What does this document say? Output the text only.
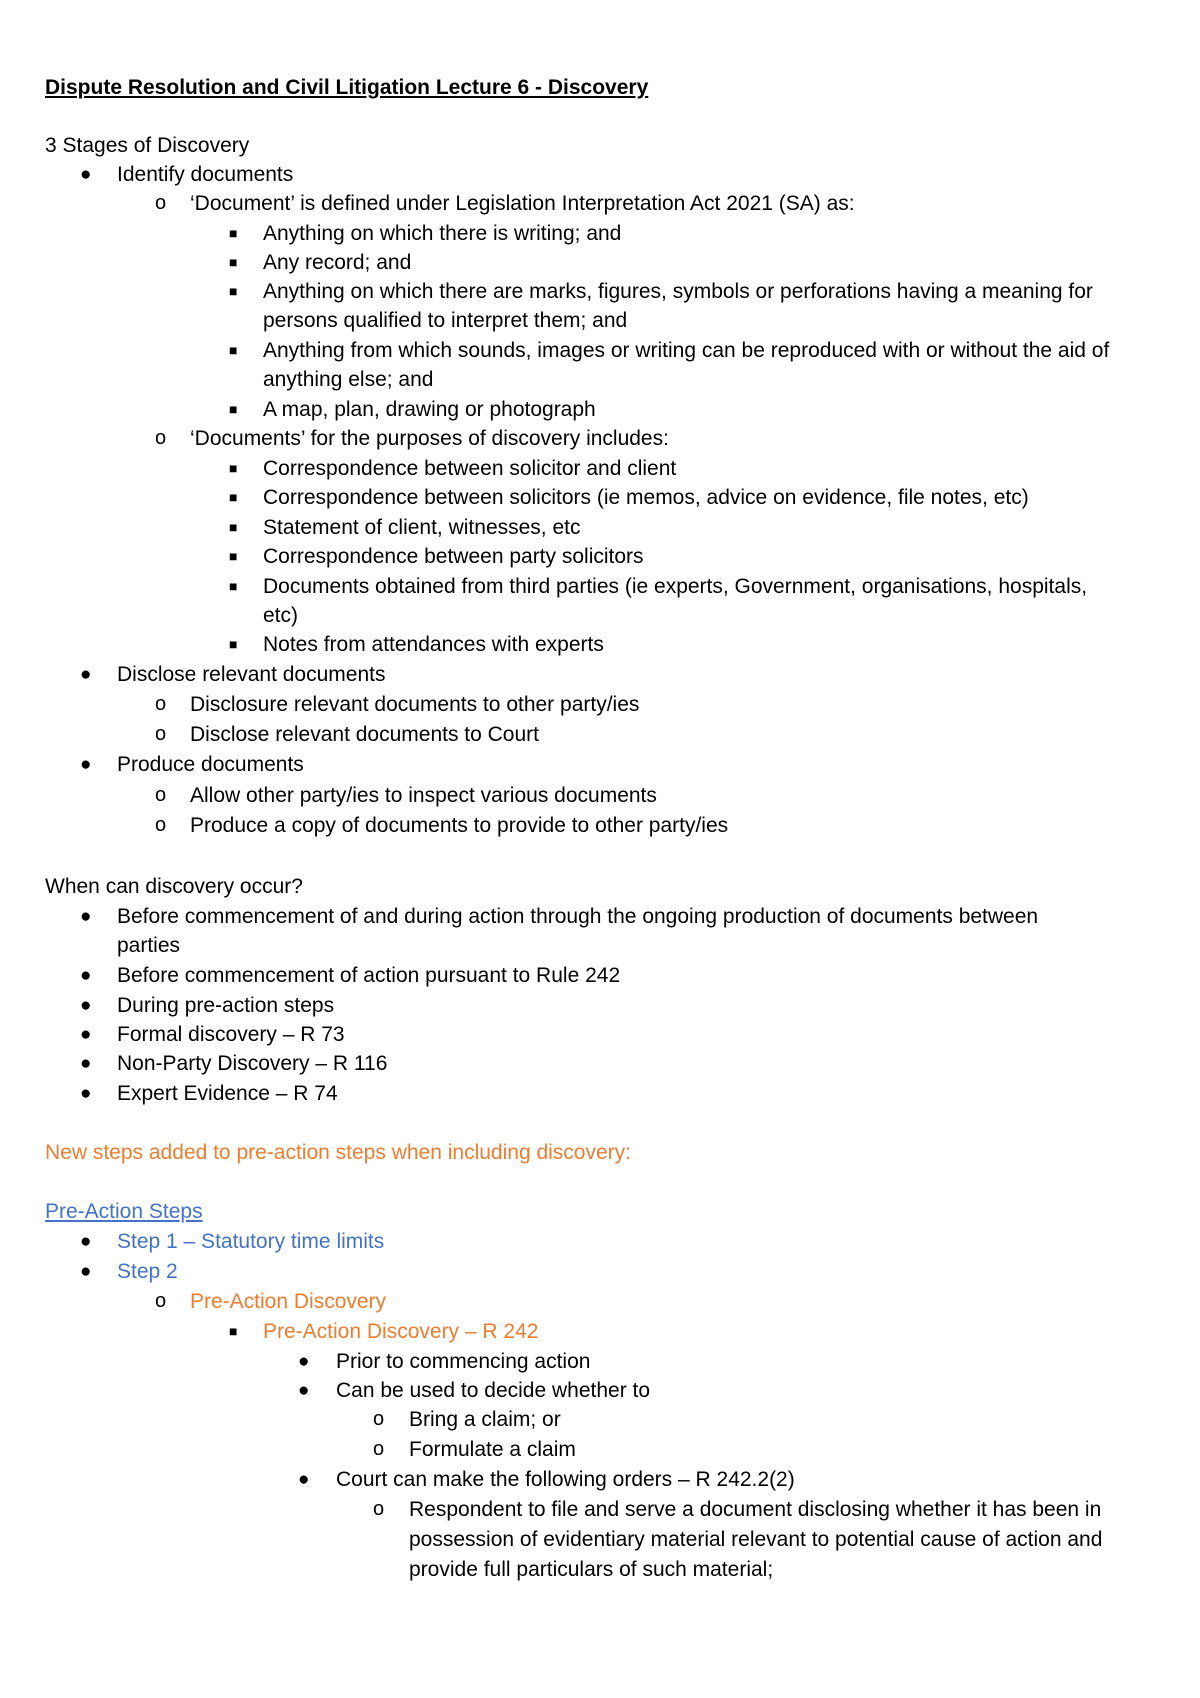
Dispute Resolution and Civil Litigation Lecture 6 - Discovery
3 Stages of Discovery
● Identify documents
o ‘Document’ is defined under Legislation Interpretation Act 2021 (SA) as:
■ Anything on which there is writing; and
■ Any record; and
■ Anything on which there are marks, figures, symbols or perforations having a meaning for
persons qualified to interpret them; and
■ Anything from which sounds, images or writing can be reproduced with or without the aid of
anything else; and
■ A map, plan, drawing or photograph
o ‘Documents’ for the purposes of discovery includes:
■ Correspondence between solicitor and client
■ Correspondence between solicitors (ie memos, advice on evidence, file notes, etc)
■ Statement of client, witnesses, etc
■ Correspondence between party solicitors
■ Documents obtained from third parties (ie experts, Government, organisations, hospitals,
etc)
■ Notes from attendances with experts
● Disclose relevant documents
o Disclosure relevant documents to other party/ies
o Disclose relevant documents to Court
● Produce documents
o Allow other party/ies to inspect various documents
o Produce a copy of documents to provide to other party/ies
When can discovery occur?
● Before commencement of and during action through the ongoing production of documents between
parties
● Before commencement of action pursuant to Rule 242
● During pre-action steps
● Formal discovery – R 73
● Non-Party Discovery – R 116
● Expert Evidence – R 74
New steps added to pre-action steps when including discovery:
Pre-Action Steps
● Step 1 – Statutory time limits
● Step 2
o Pre-Action Discovery
■ Pre-Action Discovery – R 242
● Prior to commencing action
● Can be used to decide whether to
o Bring a claim; or
o Formulate a claim
● Court can make the following orders – R 242.2(2)
o Respondent to file and serve a document disclosing whether it has been in
possession of evidentiary material relevant to potential cause of action and
provide full particulars of such material;
